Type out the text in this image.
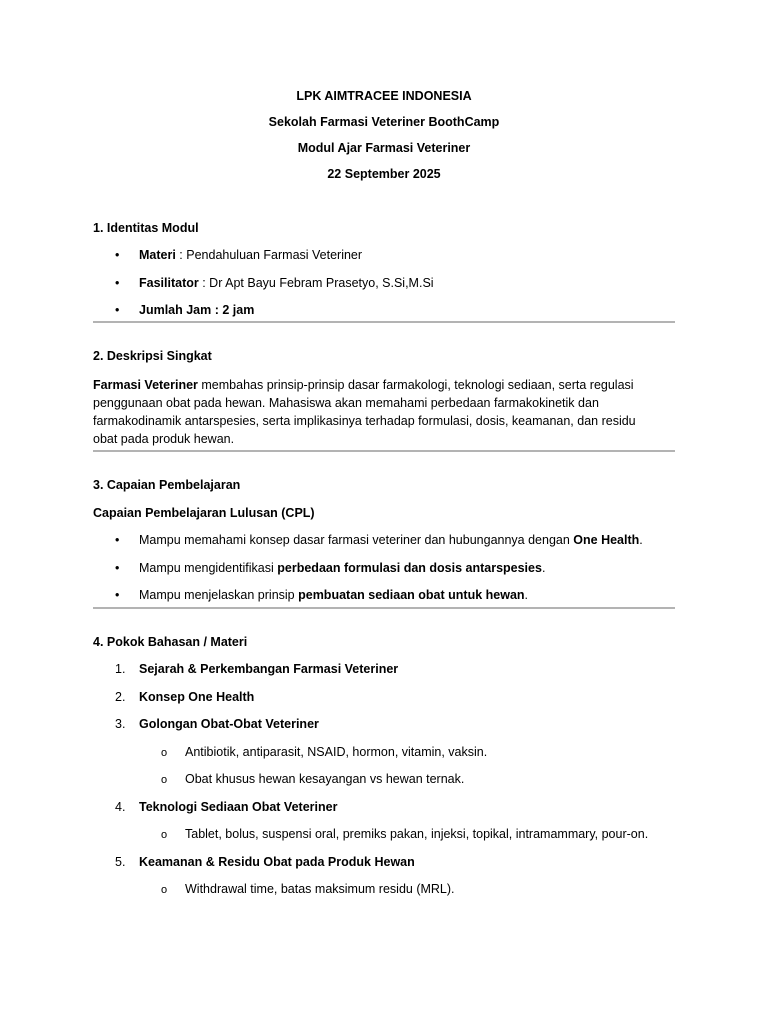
LPK AIMTRACEE INDONESIA
Sekolah Farmasi Veteriner BoothCamp
Modul Ajar Farmasi Veteriner
22 September 2025

1. Identitas Modul

• Materi : Pendahuluan Farmasi Veteriner
• Fasilitator : Dr Apt Bayu Febram Prasetyo, S.Si,M.Si
• Jumlah Jam : 2 jam

2. Deskripsi Singkat

Farmasi Veteriner membahas prinsip-prinsip dasar farmakologi, teknologi sediaan, serta regulasi
penggunaan obat pada hewan. Mahasiswa akan memahami perbedaan farmakokinetik dan
farmakodinamik antarspesies, serta implikasinya terhadap formulasi, dosis, keamanan, dan residu
obat pada produk hewan.

3. Capaian Pembelajaran

Capaian Pembelajaran Lulusan (CPL)

• Mampu memahami konsep dasar farmasi veteriner dan hubungannya dengan One Health.
• Mampu mengidentifikasi perbedaan formulasi dan dosis antarspesies.
• Mampu menjelaskan prinsip pembuatan sediaan obat untuk hewan.

4. Pokok Bahasan / Materi

1. Sejarah & Perkembangan Farmasi Veteriner
2. Konsep One Health
3. Golongan Obat-Obat Veteriner
o Antibiotik, antiparasit, NSAID, hormon, vitamin, vaksin.
o Obat khusus hewan kesayangan vs hewan ternak.
4. Teknologi Sediaan Obat Veteriner
o Tablet, bolus, suspensi oral, premiks pakan, injeksi, topikal, intramammary, pour-on.
5. Keamanan & Residu Obat pada Produk Hewan
o Withdrawal time, batas maksimum residu (MRL).
